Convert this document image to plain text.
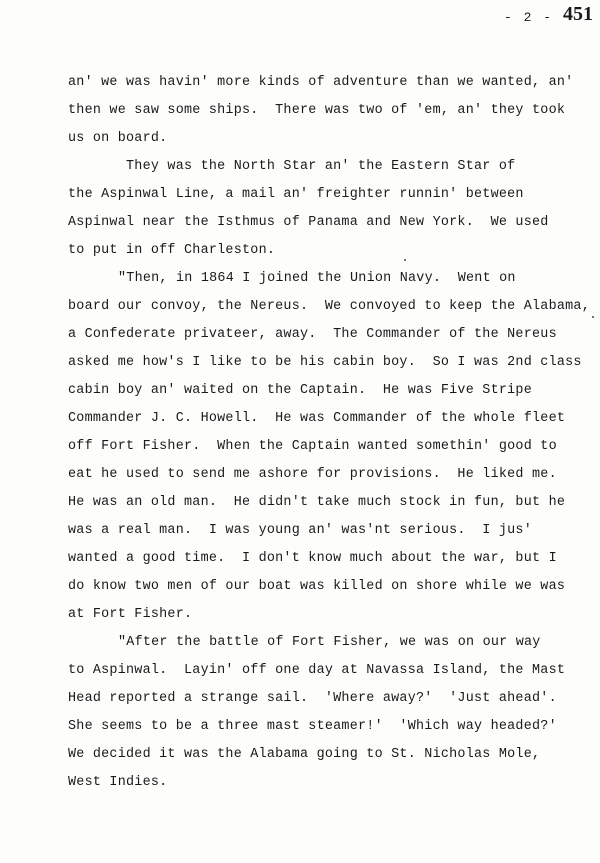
- 2 - 451
an' we was havin' more kinds of adventure than we wanted, an'
then we saw some ships.  There was two of 'em, an' they took
us on board.
They was the North Star an' the Eastern Star of
the Aspinwal Line, a mail an' freighter runnin' between
Aspinwal near the Isthmus of Panama and New York.  We used
to put in off Charleston.
"Then, in 1864 I joined the Union Navy.  Went on
board our convoy, the Nereus.  We convoyed to keep the Alabama,
a Confederate privateer, away.  The Commander of the Nereus
asked me how's I like to be his cabin boy.  So I was 2nd class
cabin boy an' waited on the Captain.  He was Five Stripe
Commander J. C. Howell.  He was Commander of the whole fleet
off Fort Fisher.  When the Captain wanted somethin' good to
eat he used to send me ashore for provisions.  He liked me.
He was an old man.  He didn't take much stock in fun, but he
was a real man.  I was young an' was'nt serious.  I jus'
wanted a good time.  I don't know much about the war, but I
do know two men of our boat was killed on shore while we was
at Fort Fisher.
"After the battle of Fort Fisher, we was on our way
to Aspinwal.  Layin' off one day at Navassa Island, the Mast
Head reported a strange sail.  'Where away?'  'Just ahead'.
She seems to be a three mast steamer!'  'Which way headed?'
We decided it was the Alabama going to St. Nicholas Mole,
West Indies.
